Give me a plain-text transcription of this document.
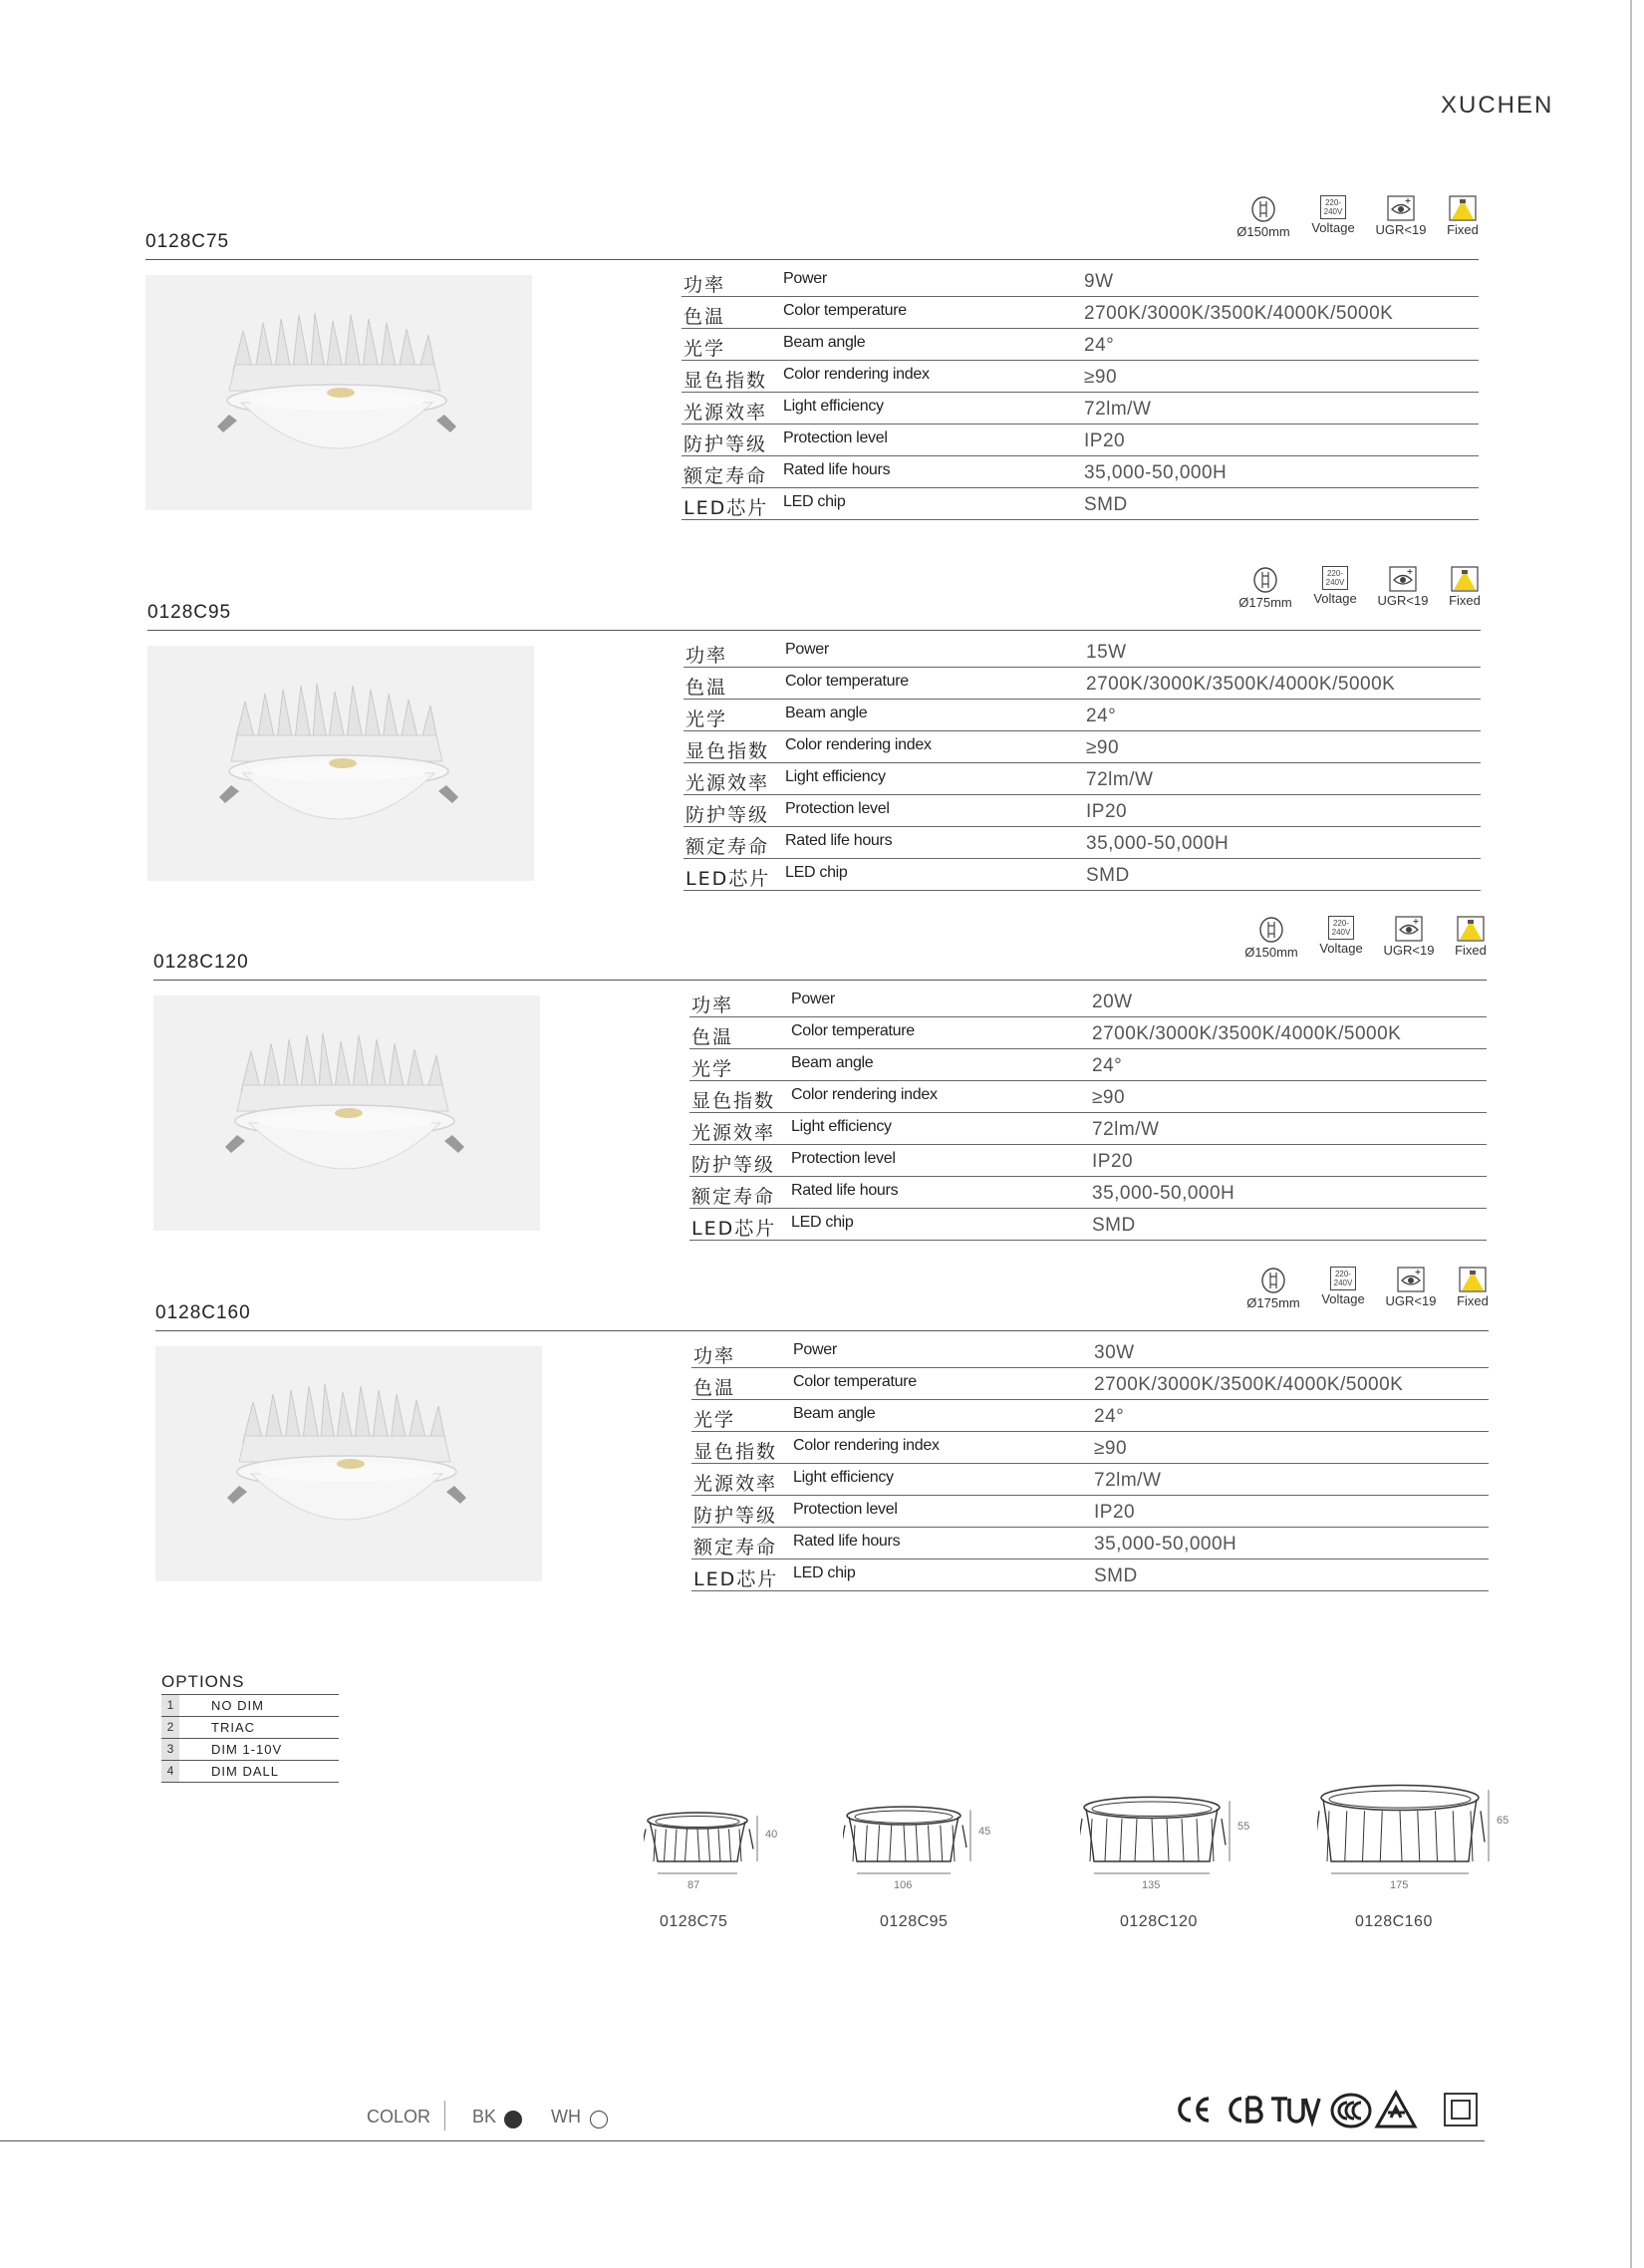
XUCHEN
0128C75	Ø150mm
220-240V
Voltage	UGR<19	Fixed
功率	Power	9W
色温	Color temperature	2700K/3000K/3500K/4000K/5000K
光学	Beam angle	24°
显色指数 Color rendering index	≥90
光源效率 Light efficiency	72lm/W
防护等级 Protection level	IP20
额定寿命 Rated life hours	35,000-50,000H
LED芯片 LED chip	SMD
0128C95	Ø175mm
220-240V
Voltage	UGR<19	Fixed
功率	Power	15W
色温	Color temperature	2700K/3000K/3500K/4000K/5000K
光学	Beam angle	24°
显色指数 Color rendering index	≥90
光源效率 Light efficiency	72lm/W
防护等级 Protection level	IP20
额定寿命 Rated life hours	35,000-50,000H
LED芯片 LED chip	SMD
0128C120	Ø150mm
220-240V
Voltage	UGR<19	Fixed
功率	Power	20W
色温	Color temperature	2700K/3000K/3500K/4000K/5000K
光学	Beam angle	24°
显色指数 Color rendering index	≥90
光源效率 Light efficiency	72lm/W
防护等级 Protection level	IP20
额定寿命 Rated life hours	35,000-50,000H
LED芯片 LED chip	SMD
0128C160	Ø175mm
220-240V
Voltage	UGR<19	Fixed
功率	Power	30W
色温	Color temperature	2700K/3000K/3500K/4000K/5000K
光学	Beam angle	24°
显色指数 Color rendering index	≥90
光源效率 Light efficiency	72lm/W
防护等级 Protection level	IP20
额定寿命 Rated life hours	35,000-50,000H
LED芯片 LED chip	SMD
OPTIONS
1	NO DIM
2	TRIAC
3	DIM 1-10V
4	DIM DALL
40
87
0128C75
45
106
0128C95
55
135
0128C120
65
175
0128C160
COLOR BK	WH
